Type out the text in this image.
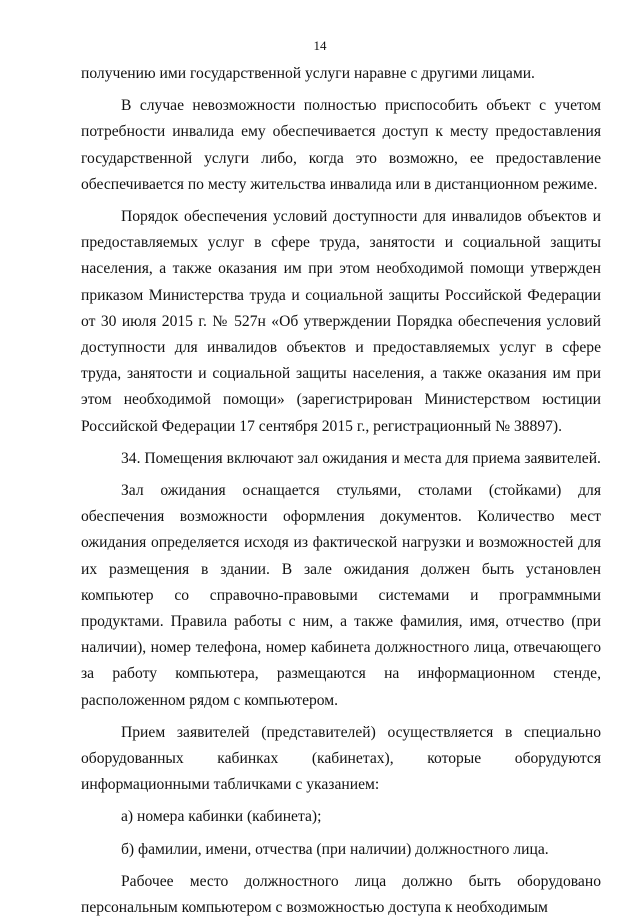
14

получению ими государственной услуги наравне с другими лицами.

В случае невозможности полностью приспособить объект с учетом потребности инвалида ему обеспечивается доступ к месту предоставления государственной услуги либо, когда это возможно, ее предоставление обеспечивается по месту жительства инвалида или в дистанционном режиме.

Порядок обеспечения условий доступности для инвалидов объектов и предоставляемых услуг в сфере труда, занятости и социальной защиты населения, а также оказания им при этом необходимой помощи утвержден приказом Министерства труда и социальной защиты Российской Федерации от 30 июля 2015 г. № 527н «Об утверждении Порядка обеспечения условий доступности для инвалидов объектов и предоставляемых услуг в сфере труда, занятости и социальной защиты населения, а также оказания им при этом необходимой помощи» (зарегистрирован Министерством юстиции Российской Федерации 17 сентября 2015 г., регистрационный № 38897).

34. Помещения включают зал ожидания и места для приема заявителей.

Зал ожидания оснащается стульями, столами (стойками) для обеспечения возможности оформления документов. Количество мест ожидания определяется исходя из фактической нагрузки и возможностей для их размещения в здании. В зале ожидания должен быть установлен компьютер со справочно-правовыми системами и программными продуктами. Правила работы с ним, а также фамилия, имя, отчество (при наличии), номер телефона, номер кабинета должностного лица, отвечающего за работу компьютера, размещаются на информационном стенде, расположенном рядом с компьютером.

Прием заявителей (представителей) осуществляется в специально оборудованных кабинках (кабинетах), которые оборудуются информационными табличками с указанием:

а) номера кабинки (кабинета);

б) фамилии, имени, отчества (при наличии) должностного лица.

Рабочее место должностного лица должно быть оборудовано персональным компьютером с возможностью доступа к необходимым
